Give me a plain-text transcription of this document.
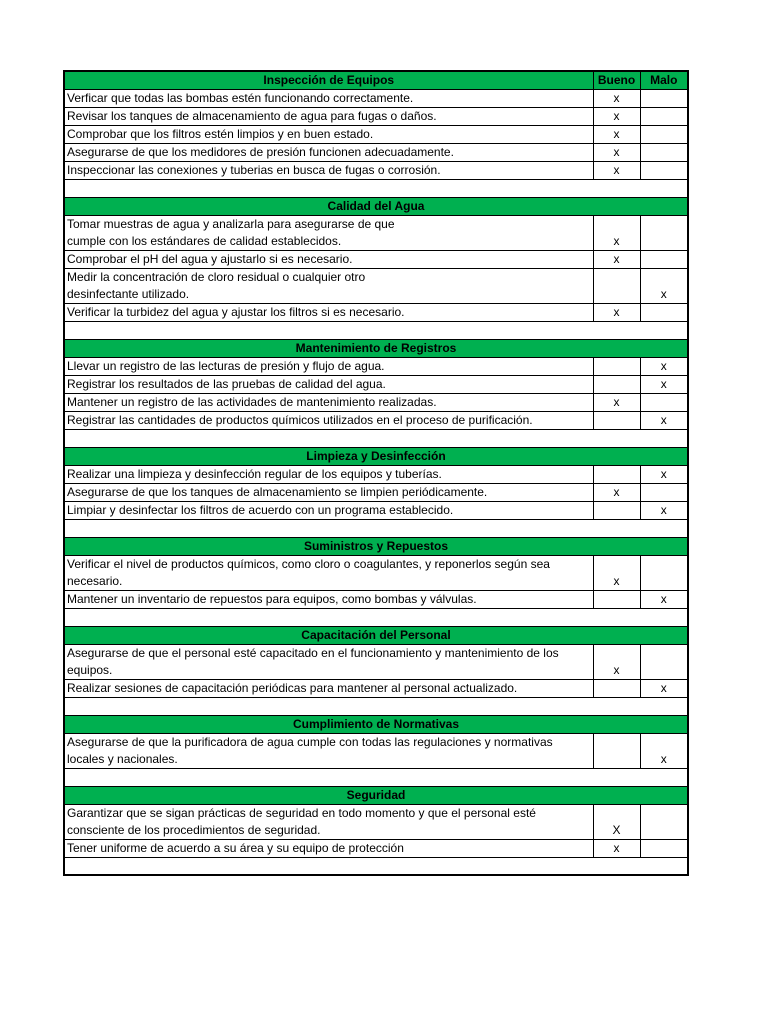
Inspección de Equipos	Bueno	Malo
Verficar que todas las bombas estén funcionando correctamente.	x	
Revisar los tanques de almacenamiento de agua para fugas o daños.	x	
Comprobar que los filtros estén limpios y en buen estado.	x	
Asegurarse de que los medidores de presión funcionen adecuadamente.	x	
Inspeccionar las conexiones y tuberias en busca de fugas o corrosión.	x	

Calidad del Agua		
Tomar muestras de agua y analizarla para asegurarse de que
cumple con los estándares de calidad establecidos.	x	
Comprobar el pH del agua y ajustarlo si es necesario.	x	
Medir la concentración de cloro residual o cualquier otro
desinfectante utilizado.		x
Verificar la turbidez del agua y ajustar los filtros si es necesario.	x	

Mantenimiento de Registros		
Llevar un registro de las lecturas de presión y flujo de agua.		x
Registrar los resultados de las pruebas de calidad del agua.		x
Mantener un registro de las actividades de mantenimiento realizadas.	x	
Registrar las cantidades de productos químicos utilizados en el proceso de purificación.		x

Limpieza y Desinfección		
Realizar una limpieza y desinfección regular de los equipos y tuberías.		x
Asegurarse de que los tanques de almacenamiento se limpien periódicamente.	x	
Limpiar y desinfectar los filtros de acuerdo con un programa establecido.		x

Suministros y Repuestos		
Verificar el nivel de productos químicos, como cloro o coagulantes, y reponerlos según sea
necesario.	x	
Mantener un inventario de repuestos para equipos, como bombas y válvulas.		x

Capacitación del Personal		
Asegurarse de que el personal esté capacitado en el funcionamiento y mantenimiento de los
equipos.	x	
Realizar sesiones de capacitación periódicas para mantener al personal actualizado.		x

Cumplimiento de Normativas		
Asegurarse de que la purificadora de agua cumple con todas las regulaciones y normativas
locales y nacionales.		x

Seguridad		
Garantizar que se sigan prácticas de seguridad en todo momento y que el personal esté
consciente de los procedimientos de seguridad.	X	
Tener uniforme de acuerdo a su área y su equipo de protección	x	
